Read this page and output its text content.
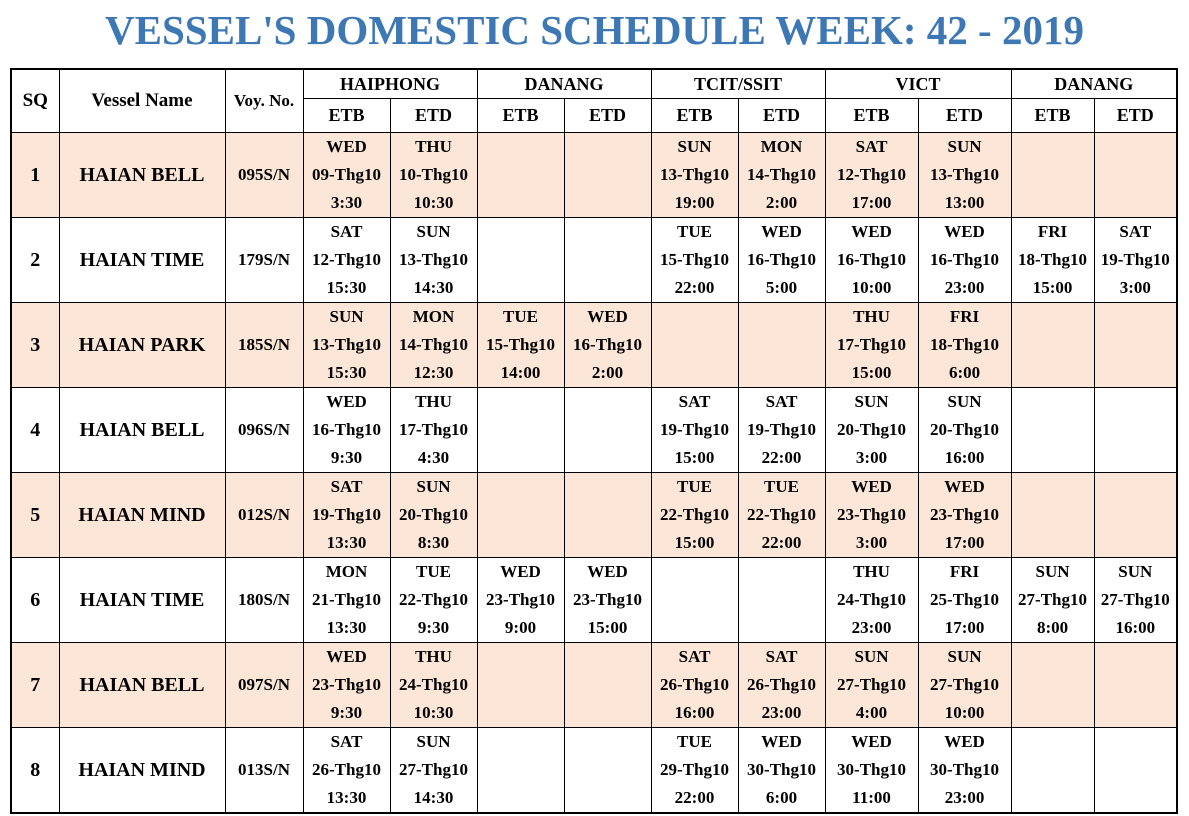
VESSEL'S DOMESTIC SCHEDULE WEEK: 42 - 2019
SQ	Vessel Name	Voy. No.	HAIPHONG		DANANG		TCIT/SSIT		VICT		DANANG	
			ETB	ETD	ETB	ETD	ETB	ETD	ETB	ETD	ETB	ETD
1	HAIAN BELL	095S/N	WED
09-Thg10
3:30	THU
10-Thg10
10:30			SUN
13-Thg10
19:00	MON
14-Thg10
2:00	SAT
12-Thg10
17:00	SUN
13-Thg10
13:00		

2	HAIAN TIME	179S/N	SAT
12-Thg10
15:30	SUN
13-Thg10
14:30			TUE
15-Thg10
22:00	WED
16-Thg10
5:00	WED
16-Thg10
10:00	WED
16-Thg10
23:00	FRI
18-Thg10
15:00	SAT
19-Thg10
3:00

3	HAIAN PARK	185S/N	SUN
13-Thg10
15:30	MON
14-Thg10
12:30	TUE
15-Thg10
14:00	WED
16-Thg10
2:00			THU
17-Thg10
15:00	FRI
18-Thg10
6:00		

4	HAIAN BELL	096S/N	WED
16-Thg10
9:30	THU
17-Thg10
4:30			SAT
19-Thg10
15:00	SAT
19-Thg10
22:00	SUN
20-Thg10
3:00	SUN
20-Thg10
16:00		

5	HAIAN MIND	012S/N	SAT
19-Thg10
13:30	SUN
20-Thg10
8:30			TUE
22-Thg10
15:00	TUE
22-Thg10
22:00	WED
23-Thg10
3:00	WED
23-Thg10
17:00		

6	HAIAN TIME	180S/N	MON
21-Thg10
13:30	TUE
22-Thg10
9:30	WED
23-Thg10
9:00	WED
23-Thg10
15:00			THU
24-Thg10
23:00	FRI
25-Thg10
17:00	SUN
27-Thg10
8:00	SUN
27-Thg10
16:00

7	HAIAN BELL	097S/N	WED
23-Thg10
9:30	THU
24-Thg10
10:30			SAT
26-Thg10
16:00	SAT
26-Thg10
23:00	SUN
27-Thg10
4:00	SUN
27-Thg10
10:00		

8	HAIAN MIND	013S/N	SAT
26-Thg10
13:30	SUN
27-Thg10
14:30			TUE
29-Thg10
22:00	WED
30-Thg10
6:00	WED
30-Thg10
11:00	WED
30-Thg10
23:00		
